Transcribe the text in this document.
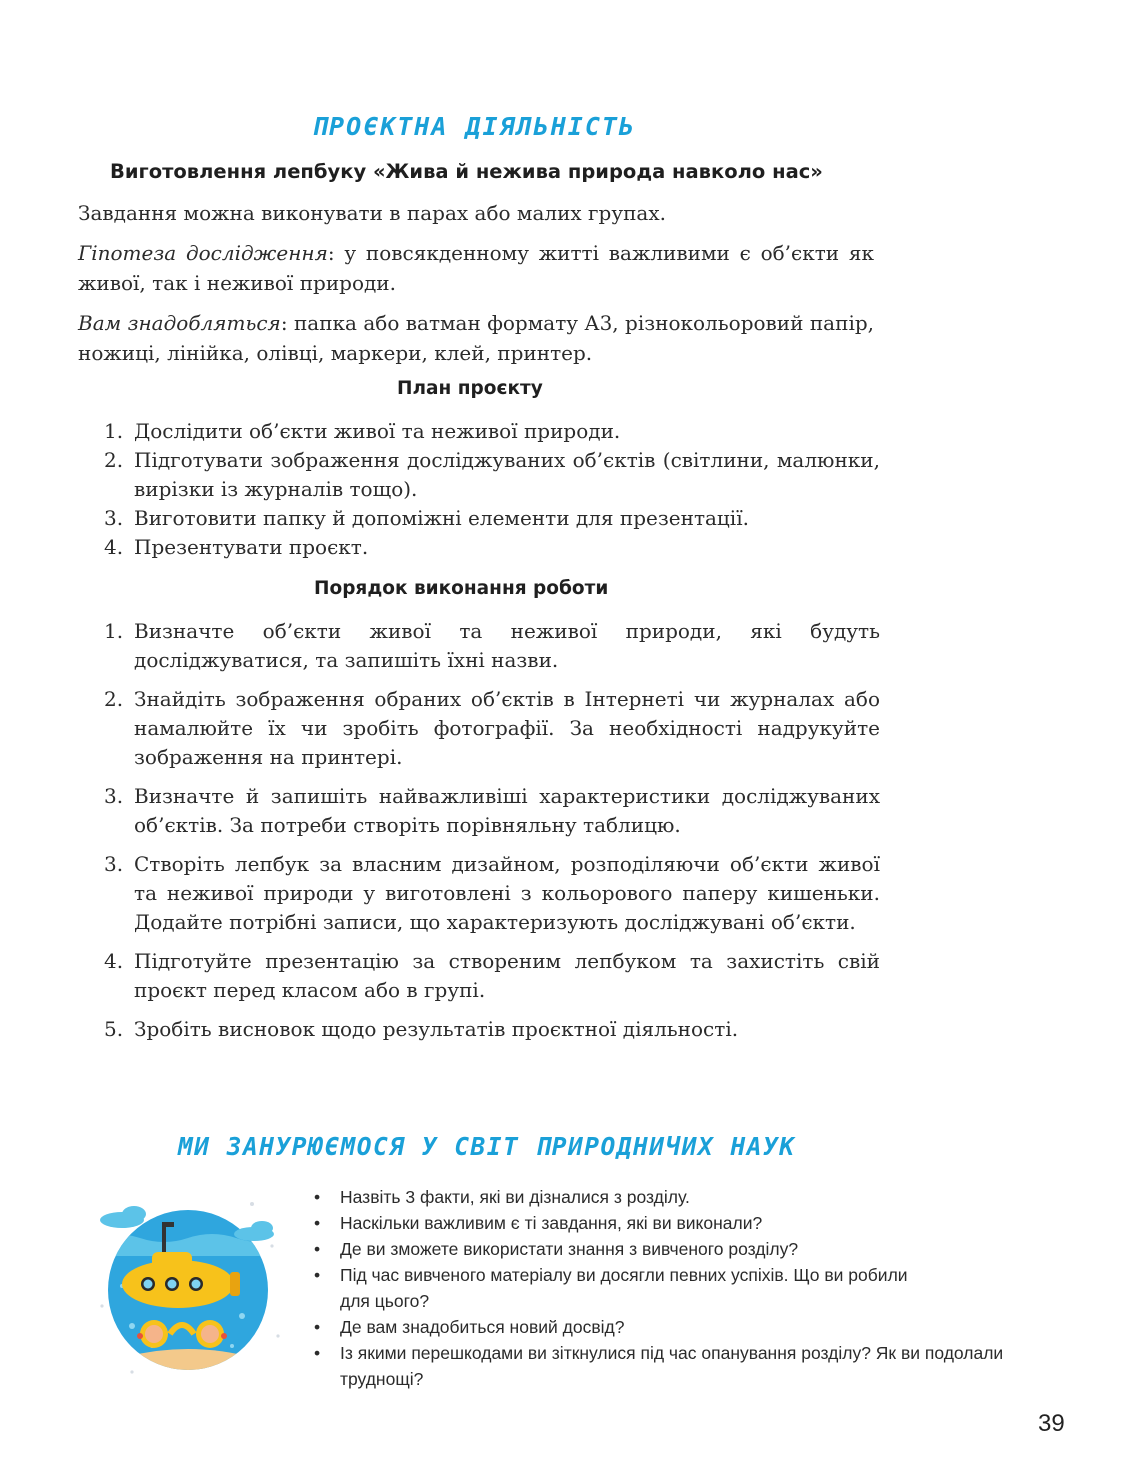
ПРОЄКТНА ДІЯЛЬНІСТЬ
Виготовлення лепбуку «Жива й нежива природа навколо нас»
Завдання можна виконувати в парах або малих групах.
Гіпотеза дослідження: у повсякденному житті важливими є об’єкти як живої, так і неживої природи.
Вам знадобляться: папка або ватман формату А3, різнокольоровий папір, ножиці, лінійка, олівці, маркери, клей, принтер.
План проєкту
1. Дослідити об’єкти живої та неживої природи.
2. Підготувати зображення досліджуваних об’єктів (світлини, малюнки, вирізки із журналів тощо).
3. Виготовити папку й допоміжні елементи для презентації.
4. Презентувати проєкт.
Порядок виконання роботи
1. Визначте об’єкти живої та неживої природи, які будуть досліджуватися, та запишіть їхні назви.
2. Знайдіть зображення обраних об’єктів в Інтернеті чи журналах або намалюйте їх чи зробіть фотографії. За необхідності надрукуйте зображення на принтері.
3. Визначте й запишіть найважливіші характеристики досліджуваних об’єктів. За потреби створіть порівняльну таблицю.
3. Створіть лепбук за власним дизайном, розподіляючи об’єкти живої та неживої природи у виготовлені з кольорового паперу кишеньки. Додайте потрібні записи, що характеризують досліджувані об’єкти.
4. Підготуйте презентацію за створеним лепбуком та захистіть свій проєкт перед класом або в групі.
5. Зробіть висновок щодо результатів проєктної діяльності.
МИ ЗАНУРЮЄМОСЯ У СВІТ ПРИРОДНИЧИХ НАУК
• Назвіть 3 факти, які ви дізналися з розділу.
• Наскільки важливим є ті завдання, які ви виконали?
• Де ви зможете використати знання з вивченого розділу?
• Під час вивченого матеріалу ви досягли певних успіхів. Що ви робили для цього?
• Де вам знадобиться новий досвід?
• Із якими перешкодами ви зіткнулися під час опанування розділу? Як ви подолали труднощі?
39
